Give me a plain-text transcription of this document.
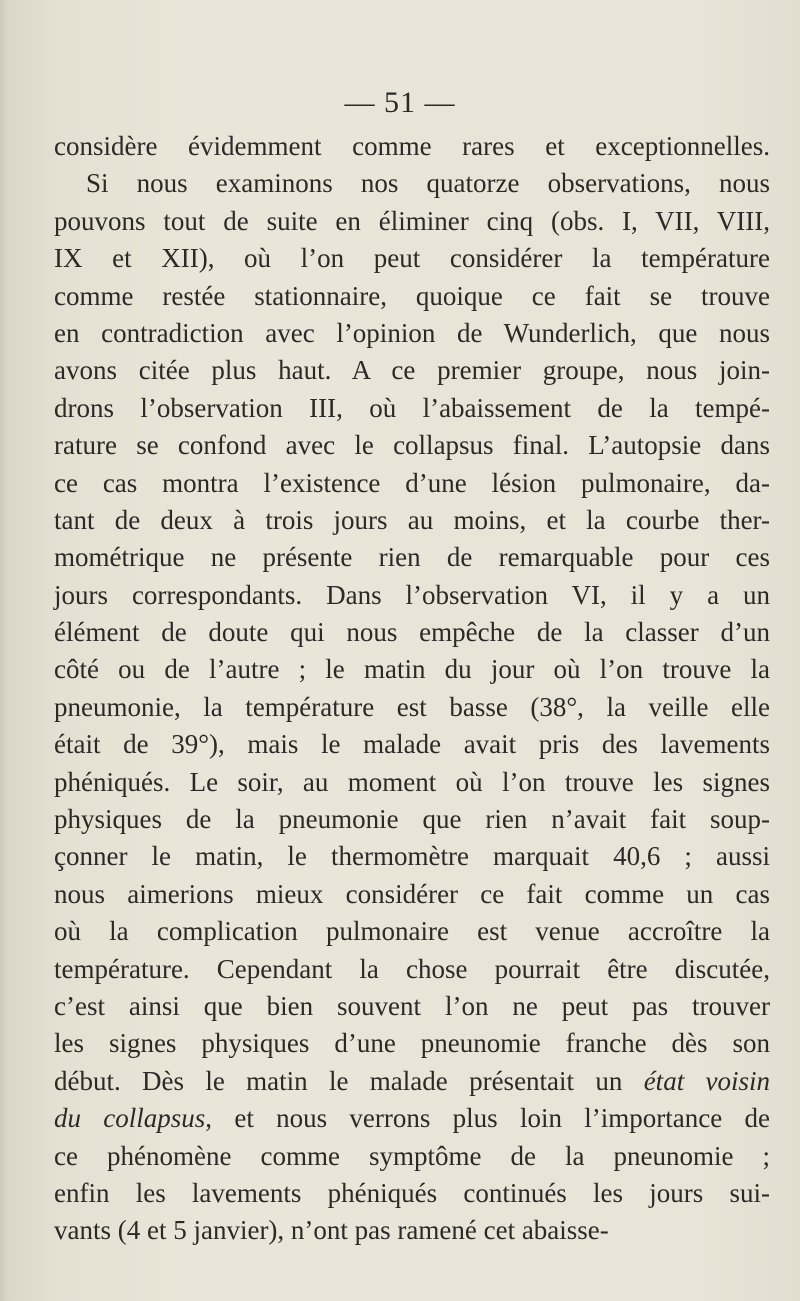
— 51 —
considère évidemment comme rares et exceptionnelles.
Si nous examinons nos quatorze observations, nous
pouvons tout de suite en éliminer cinq (obs. I, VII, VIII,
IX et XII), où l’on peut considérer la température
comme restée stationnaire, quoique ce fait se trouve
en contradiction avec l’opinion de Wunderlich, que nous
avons citée plus haut. A ce premier groupe, nous join-
drons l’observation III, où l’abaissement de la tempé-
rature se confond avec le collapsus final. L’autopsie dans
ce cas montra l’existence d’une lésion pulmonaire, da-
tant de deux à trois jours au moins, et la courbe ther-
mométrique ne présente rien de remarquable pour ces
jours correspondants. Dans l’observation VI, il y a un
élément de doute qui nous empêche de la classer d’un
côté ou de l’autre ; le matin du jour où l’on trouve la
pneumonie, la température est basse (38°, la veille elle
était de 39°), mais le malade avait pris des lavements
phéniqués. Le soir, au moment où l’on trouve les signes
physiques de la pneumonie que rien n’avait fait soup-
çonner le matin, le thermomètre marquait 40,6 ; aussi
nous aimerions mieux considérer ce fait comme un cas
où la complication pulmonaire est venue accroître la
température. Cependant la chose pourrait être discutée,
c’est ainsi que bien souvent l’on ne peut pas trouver
les signes physiques d’une pneunomie franche dès son
début. Dès le matin le malade présentait un état voisin
du collapsus, et nous verrons plus loin l’importance de
ce phénomène comme symptôme de la pneunomie ;
enfin les lavements phéniqués continués les jours sui-
vants (4 et 5 janvier), n’ont pas ramené cet abaisse-
